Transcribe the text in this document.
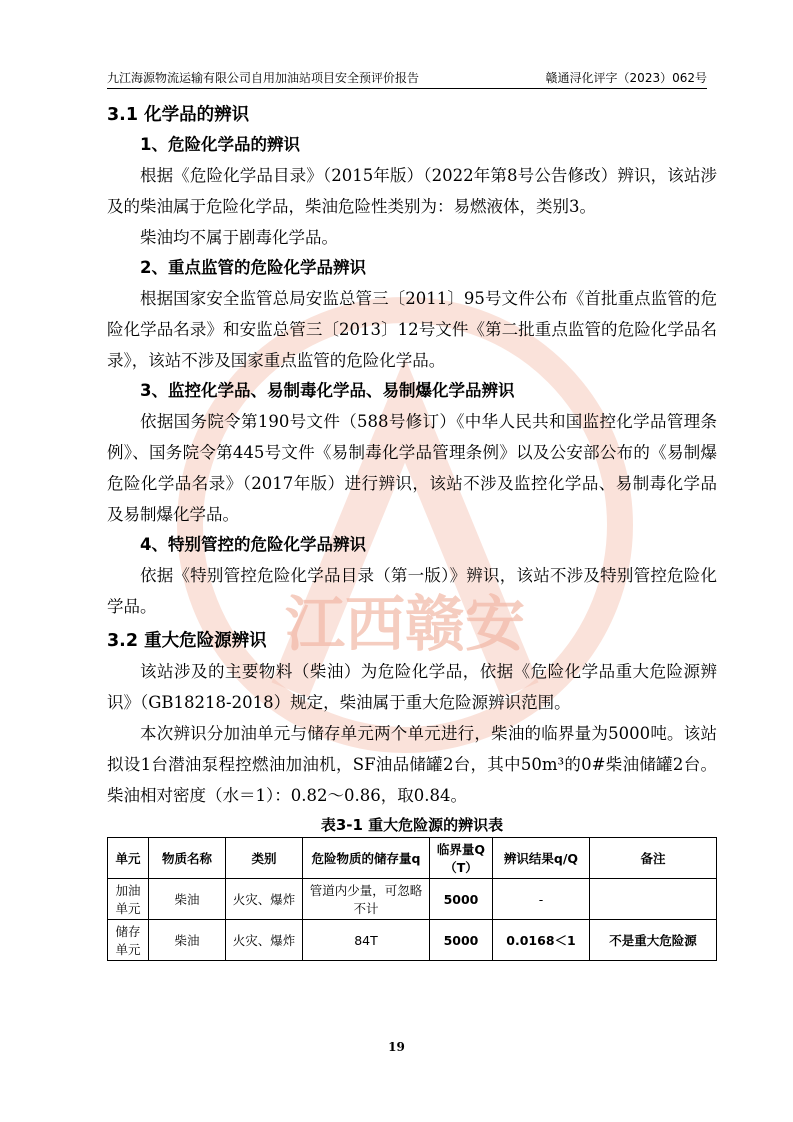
九江海源物流运输有限公司自用加油站项目安全预评价报告	赣通浔化评字（2023）062号
江西赣安
3.1 化学品的辨识
1、危险化学品的辨识
根据《危险化学品目录》（2015年版）（2022年第8号公告修改）辨识，该站涉及的柴油属于危险化学品，柴油危险性类别为：易燃液体，类别3。
柴油均不属于剧毒化学品。
2、重点监管的危险化学品辨识
根据国家安全监管总局安监总管三〔2011〕95号文件公布《首批重点监管的危险化学品名录》和安监总管三〔2013〕12号文件《第二批重点监管的危险化学品名录》，该站不涉及国家重点监管的危险化学品。
3、监控化学品、易制毒化学品、易制爆化学品辨识
依据国务院令第190号文件（588号修订）《中华人民共和国监控化学品管理条例》、国务院令第445号文件《易制毒化学品管理条例》以及公安部公布的《易制爆危险化学品名录》（2017年版）进行辨识，该站不涉及监控化学品、易制毒化学品及易制爆化学品。
4、特别管控的危险化学品辨识
依据《特别管控危险化学品目录（第一版）》辨识，该站不涉及特别管控危险化学品。
3.2 重大危险源辨识
该站涉及的主要物料（柴油）为危险化学品，依据《危险化学品重大危险源辨识》（GB18218-2018）规定，柴油属于重大危险源辨识范围。
本次辨识分加油单元与储存单元两个单元进行，柴油的临界量为5000吨。该站拟设1台潜油泵程控燃油加油机，SF油品储罐2台，其中50m³的0#柴油储罐2台。柴油相对密度（水＝1）：0.82～0.86，取0.84。
表3-1 重大危险源的辨识表
单元	物质名称	类别	危险物质的储存量q	临界量Q（T）	辨识结果q/Q	备注
加油单元	柴油	火灾、爆炸	管道内少量，可忽略不计	5000	-	
储存单元	柴油	火灾、爆炸	84T	5000	0.0168＜1	不是重大危险源
19
